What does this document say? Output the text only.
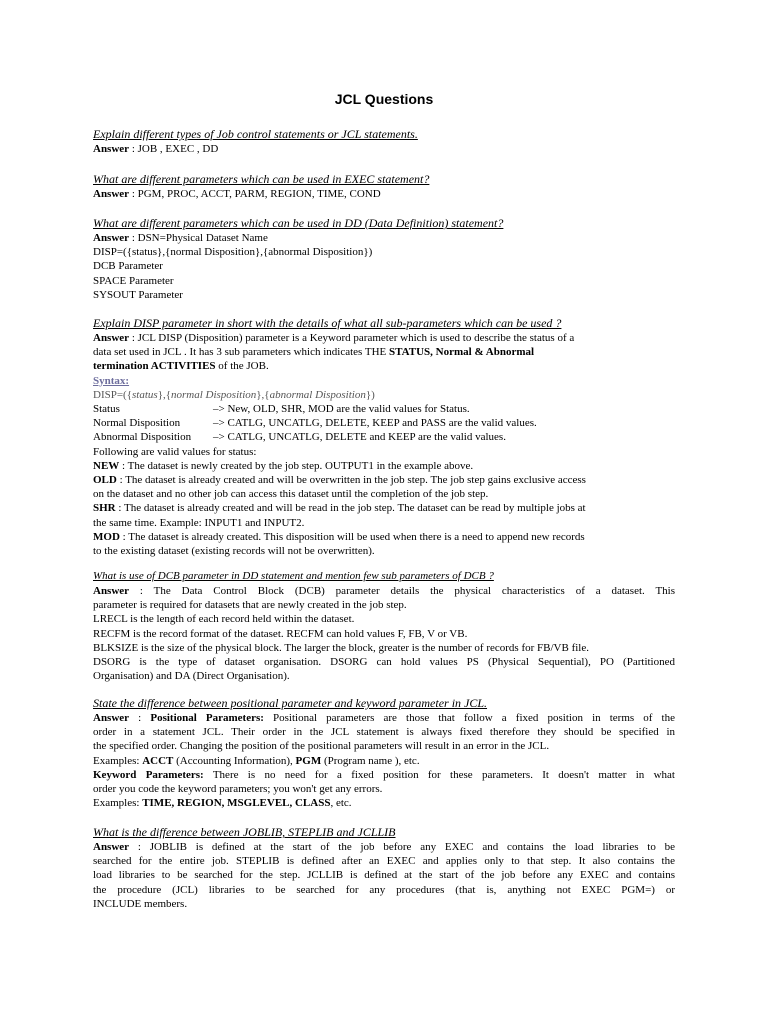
JCL Questions
Explain different types of Job control statements or JCL statements.
Answer : JOB , EXEC , DD
What are different parameters which can be used in EXEC statement?
Answer : PGM, PROC, ACCT, PARM, REGION, TIME, COND
What are different parameters which can be used in DD (Data Definition) statement?
Answer : DSN=Physical Dataset Name
DISP=({status},{normal Disposition},{abnormal Disposition})
DCB Parameter
SPACE Parameter
SYSOUT Parameter
Explain DISP parameter in short with the details of what all sub-parameters which can be used ?
Answer : JCL DISP (Disposition) parameter is a Keyword parameter which is used to describe the status of a
data set used in JCL . It has 3 sub parameters which indicates THE STATUS, Normal & Abnormal
termination ACTIVITIES of the JOB.
Syntax:
DISP=({status},{normal Disposition},{abnormal Disposition})
Status	–> New, OLD, SHR, MOD are the valid values for Status.
Normal Disposition	–> CATLG, UNCATLG, DELETE, KEEP and PASS are the valid values.
Abnormal Disposition –> CATLG, UNCATLG, DELETE and KEEP are the valid values.
Following are valid values for status:
NEW : The dataset is newly created by the job step. OUTPUT1 in the example above.
OLD : The dataset is already created and will be overwritten in the job step. The job step gains exclusive access
on the dataset and no other job can access this dataset until the completion of the job step.
SHR : The dataset is already created and will be read in the job step. The dataset can be read by multiple jobs at
the same time. Example: INPUT1 and INPUT2.
MOD : The dataset is already created. This disposition will be used when there is a need to append new records
to the existing dataset (existing records will not be overwritten).
What is use of DCB parameter in DD statement and mention few sub parameters of DCB ?
Answer : The Data Control Block (DCB) parameter details the physical characteristics of a dataset. This
parameter is required for datasets that are newly created in the job step.
LRECL is the length of each record held within the dataset.
RECFM is the record format of the dataset. RECFM can hold values F, FB, V or VB.
BLKSIZE is the size of the physical block. The larger the block, greater is the number of records for FB/VB file.
DSORG is the type of dataset organisation. DSORG can hold values PS (Physical Sequential), PO (Partitioned
Organisation) and DA (Direct Organisation).
State the difference between positional parameter and keyword parameter in JCL.
Answer : Positional Parameters: Positional parameters are those that follow a fixed position in terms of the
order in a statement JCL. Their order in the JCL statement is always fixed therefore they should be specified in
the specified order. Changing the position of the positional parameters will result in an error in the JCL.
Examples: ACCT (Accounting Information), PGM (Program name ), etc.
Keyword Parameters: There is no need for a fixed position for these parameters. It doesn't matter in what
order you code the keyword parameters; you won't get any errors.
Examples: TIME, REGION, MSGLEVEL, CLASS, etc.
What is the difference between JOBLIB, STEPLIB and JCLLIB
Answer : JOBLIB is defined at the start of the job before any EXEC and contains the load libraries to be
searched for the entire job. STEPLIB is defined after an EXEC and applies only to that step. It also contains the
load libraries to be searched for the step. JCLLIB is defined at the start of the job before any EXEC and contains
the procedure (JCL) libraries to be searched for any procedures (that is, anything not EXEC PGM=) or
INCLUDE members.
